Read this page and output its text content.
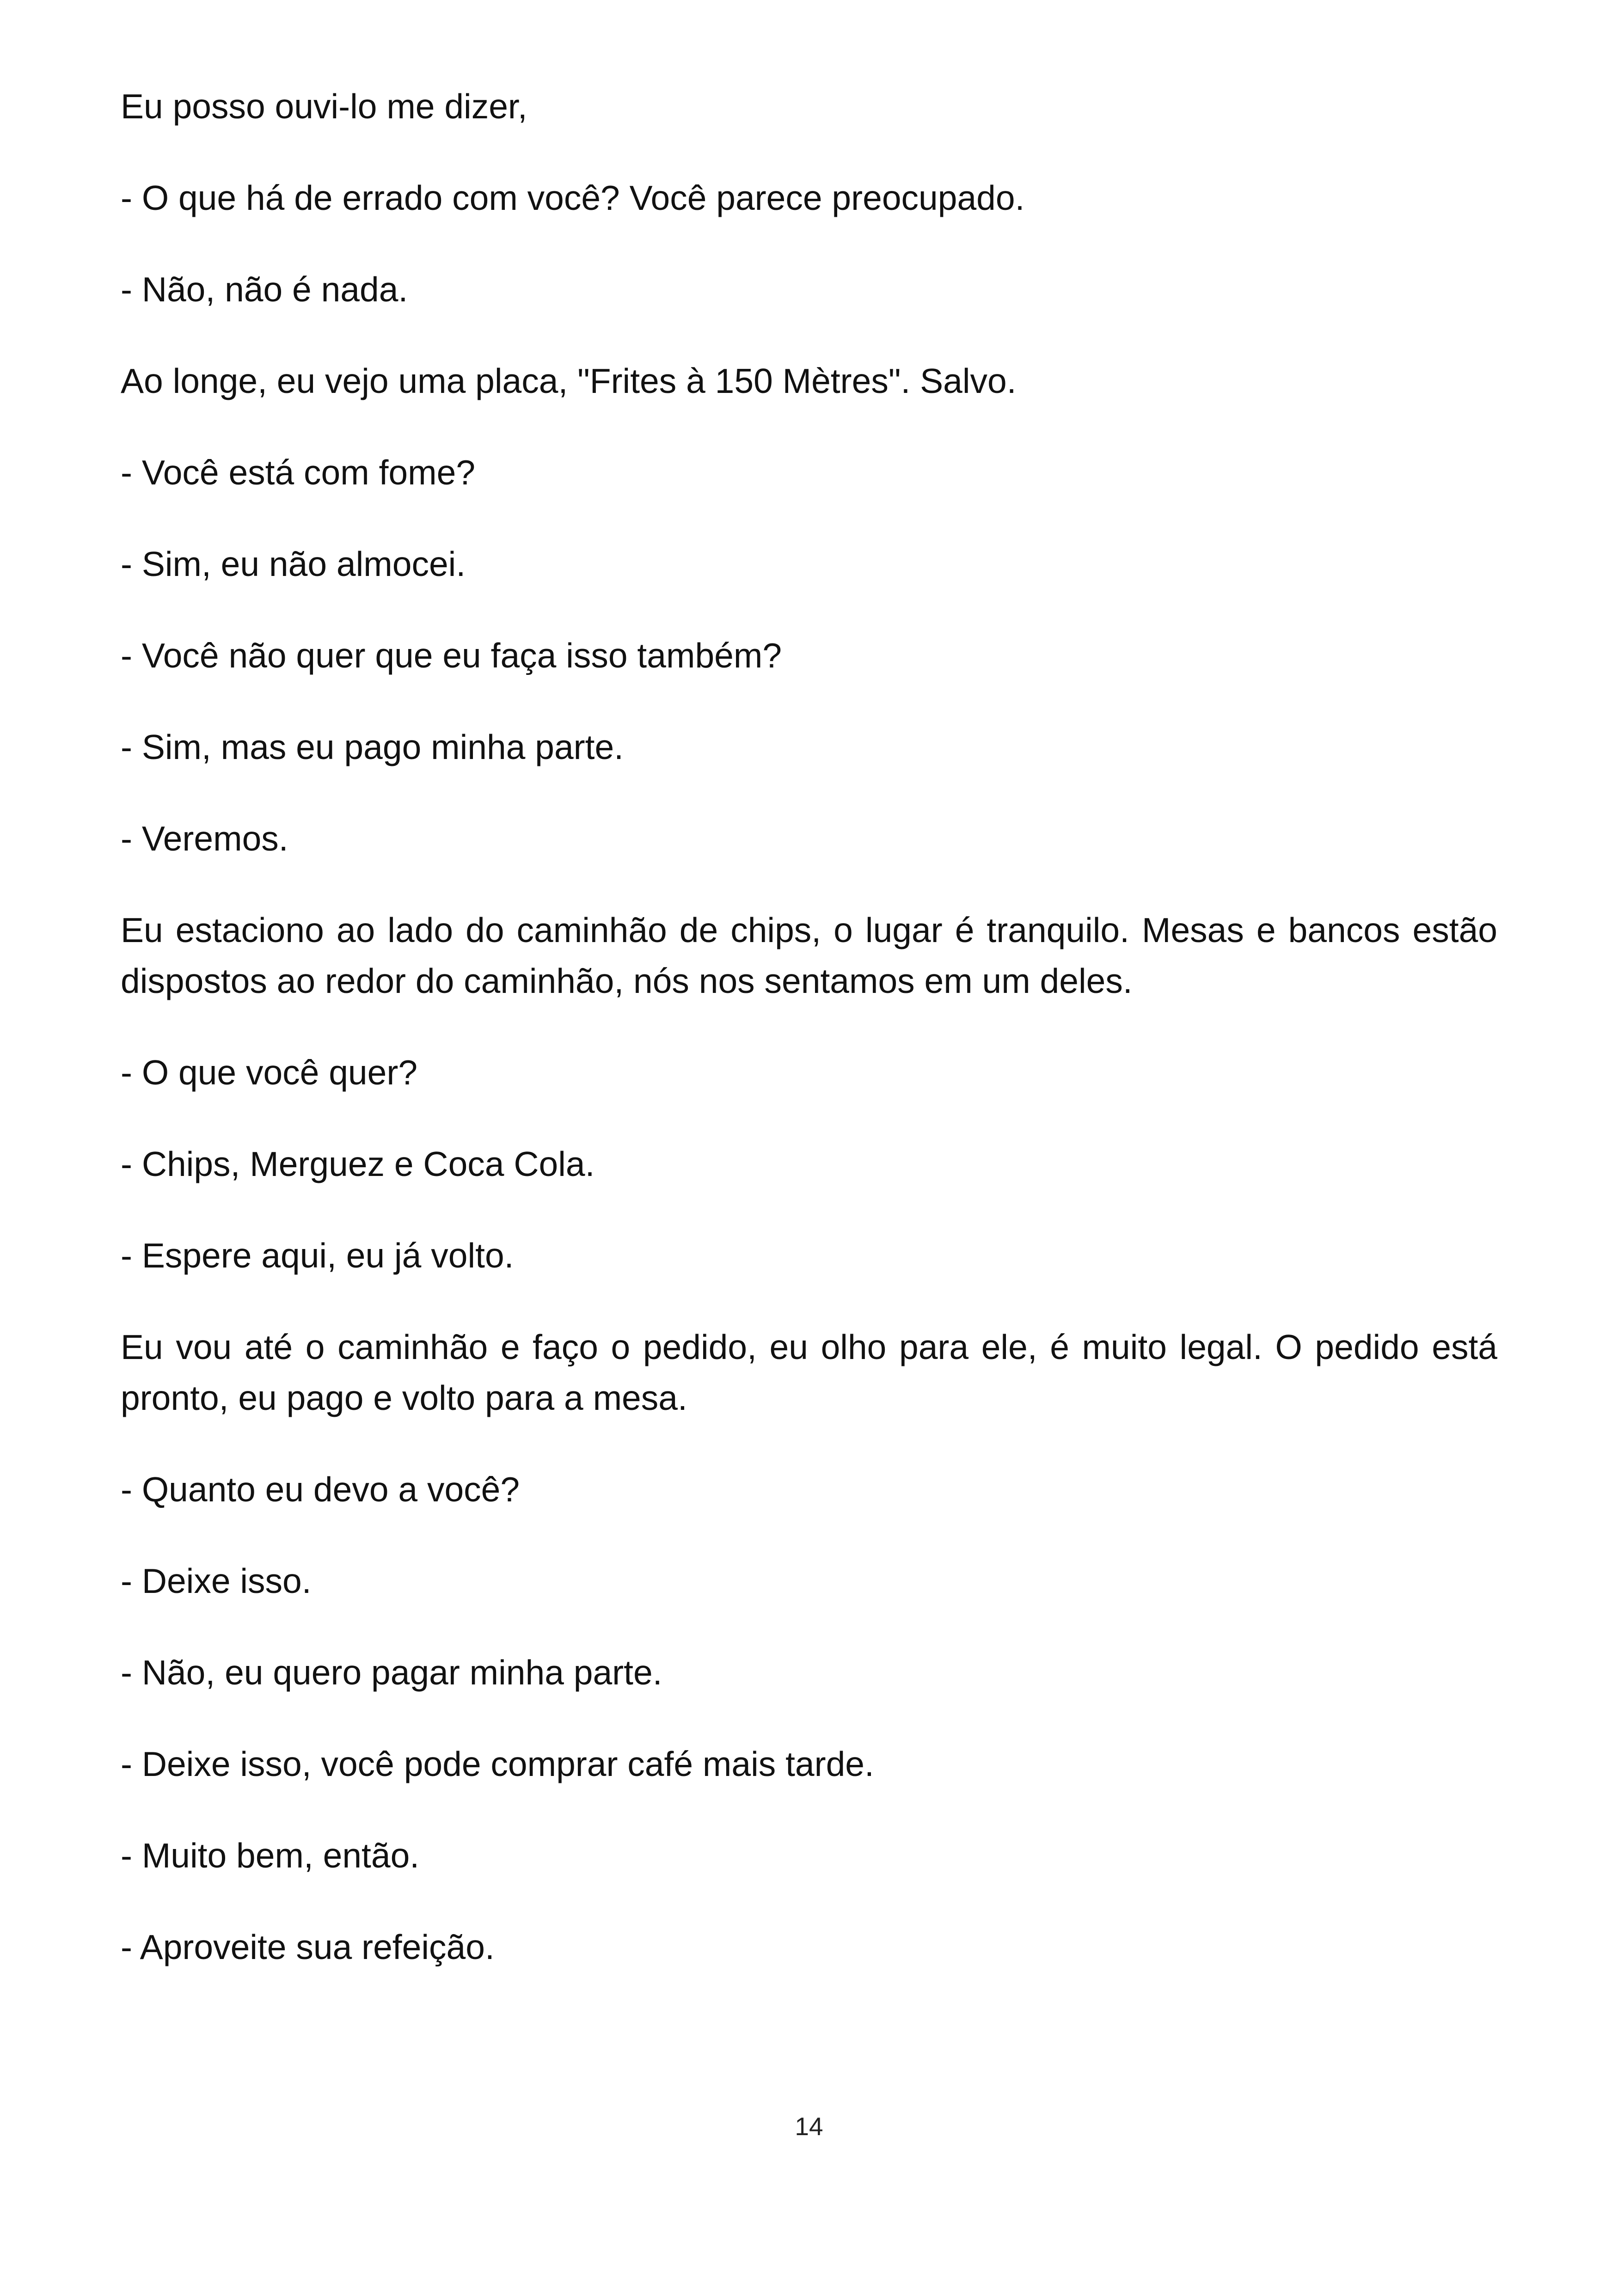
Eu posso ouvi-lo me dizer,

- O que há de errado com você? Você parece preocupado.

- Não, não é nada.

Ao longe, eu vejo uma placa, "Frites à 150 Mètres". Salvo.

- Você está com fome?

- Sim, eu não almocei.

- Você não quer que eu faça isso também?

- Sim, mas eu pago minha parte.

- Veremos.

Eu estaciono ao lado do caminhão de chips, o lugar é tranquilo. Mesas e bancos estão dispostos ao redor do caminhão, nós nos sentamos em um deles.

- O que você quer?

- Chips, Merguez e Coca Cola.

- Espere aqui, eu já volto.

Eu vou até o caminhão e faço o pedido, eu olho para ele, é muito legal. O pedido está pronto, eu pago e volto para a mesa.

- Quanto eu devo a você?

- Deixe isso.

- Não, eu quero pagar minha parte.

- Deixe isso, você pode comprar café mais tarde.

- Muito bem, então.

- Aproveite sua refeição.

14
